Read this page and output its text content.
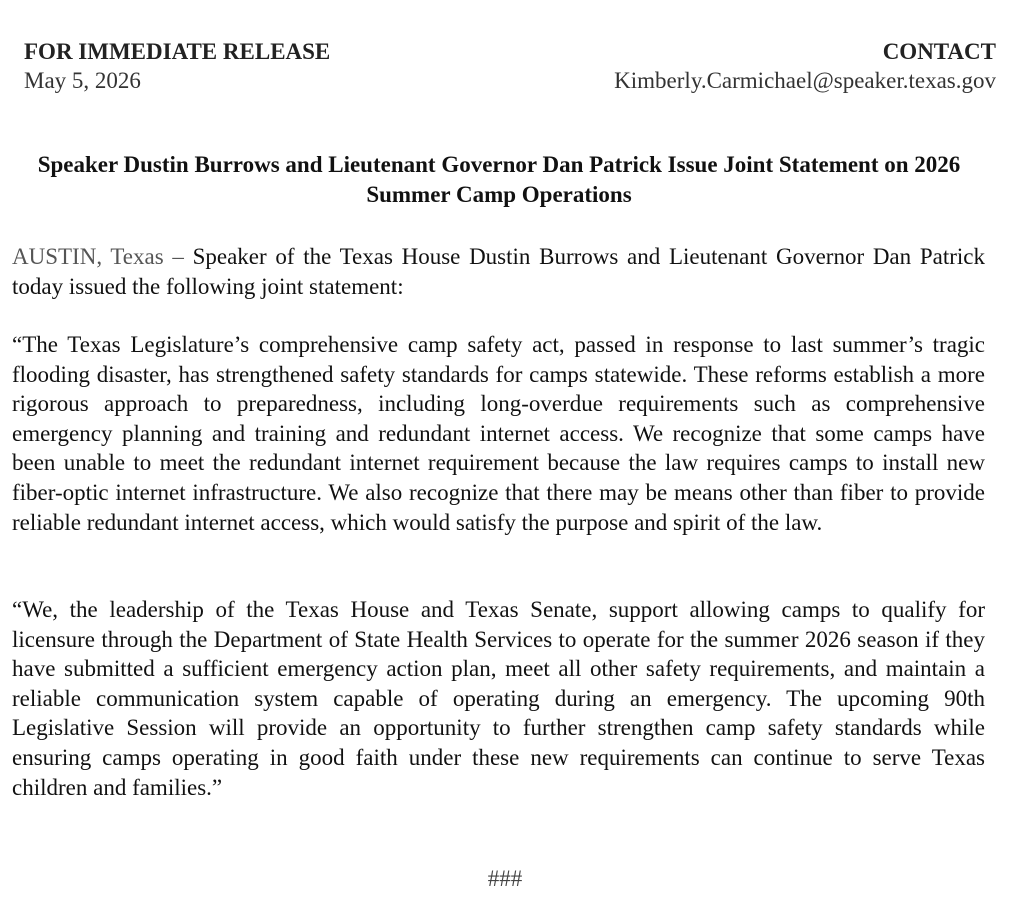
FOR IMMEDIATE RELEASE
May 5, 2026
CONTACT
Kimberly.Carmichael@speaker.texas.gov
Speaker Dustin Burrows and Lieutenant Governor Dan Patrick Issue Joint Statement on 2026 Summer Camp Operations

AUSTIN, Texas – Speaker of the Texas House Dustin Burrows and Lieutenant Governor Dan Patrick today issued the following joint statement:

“The Texas Legislature’s comprehensive camp safety act, passed in response to last summer’s tragic flooding disaster, has strengthened safety standards for camps statewide. These reforms establish a more rigorous approach to preparedness, including long-overdue requirements such as comprehensive emergency planning and training and redundant internet access. We recognize that some camps have been unable to meet the redundant internet requirement because the law requires camps to install new fiber-optic internet infrastructure. We also recognize that there may be means other than fiber to provide reliable redundant internet access, which would satisfy the purpose and spirit of the law.

“We, the leadership of the Texas House and Texas Senate, support allowing camps to qualify for licensure through the Department of State Health Services to operate for the summer 2026 season if they have submitted a sufficient emergency action plan, meet all other safety requirements, and maintain a reliable communication system capable of operating during an emergency. The upcoming 90th Legislative Session will provide an opportunity to further strengthen camp safety standards while ensuring camps operating in good faith under these new requirements can continue to serve Texas children and families.”

###
